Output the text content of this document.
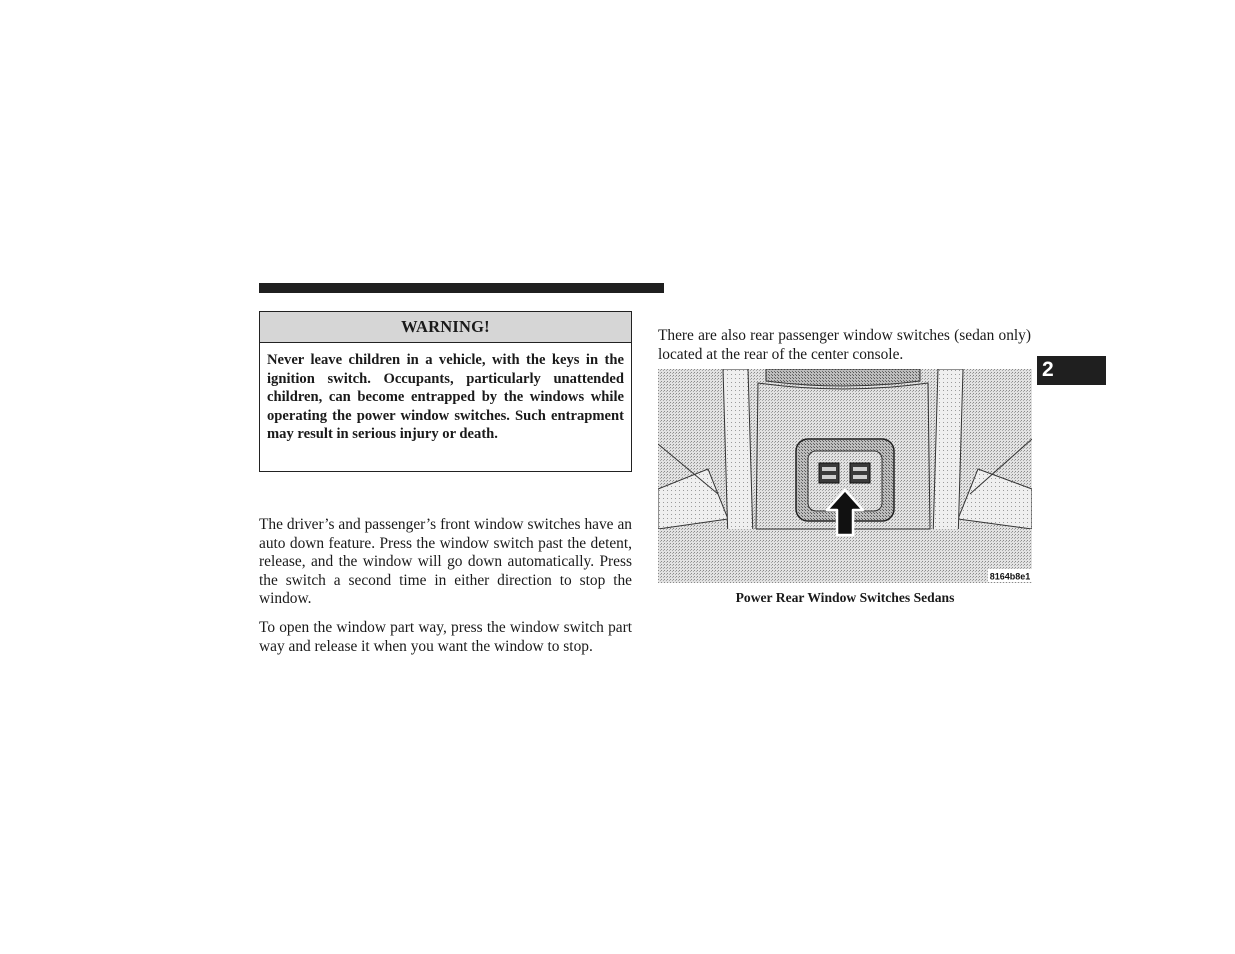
WARNING!
Never leave children in a vehicle, with the keys in the ignition switch. Occupants, particularly unattended children, can become entrapped by the windows while operating the power window switches. Such entrapment may result in serious injury or death.
The driver’s and passenger’s front window switches have an auto down feature. Press the window switch past the detent, release, and the window will go down automatically. Press the switch a second time in either direction to stop the window.
To open the window part way, press the window switch part way and release it when you want the window to stop.
There are also rear passenger window switches (sedan only) located at the rear of the center console.
8164b8e1
Power Rear Window Switches Sedans
2
